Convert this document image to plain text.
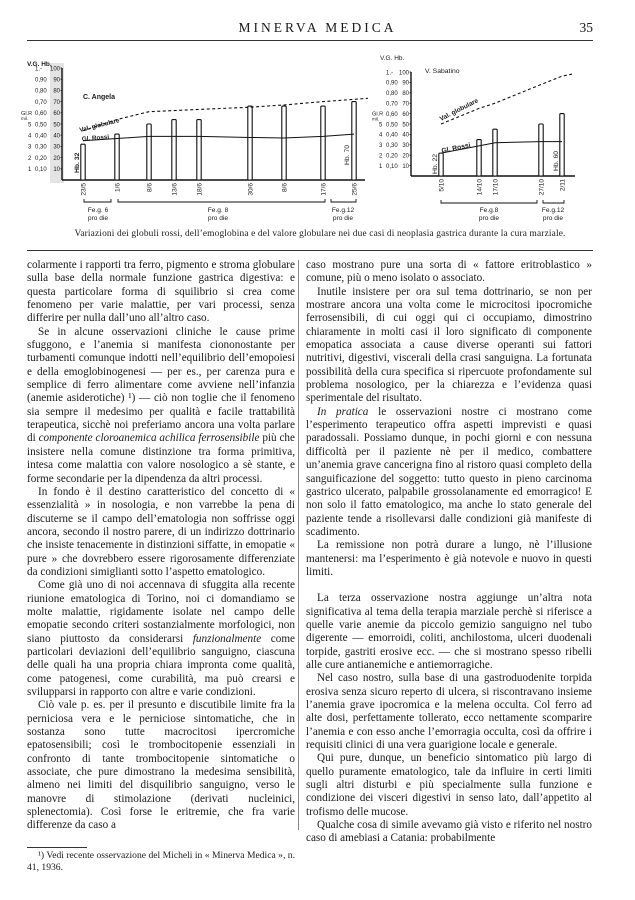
MINERVA MEDICA	35
V.G. Hb.
1.- 100
0,90 90
0,80 80
0,70 70
0,60 60
5 0,50 50
4 0,40 40
3 0,30 30
2 0,20 20
1 0,10 10
Gl.R
mil.
C. Angela
Val. globulare
Gl. Rossi
Hb. 32	Hb. 70
23/5	1/6	8/6	13/6	18/6	30/6	8/6	17/6	25/6
Fe.g. 6
pro die
Fe.g. 8
pro die
Fe.g.12
pro die
V.G. Hb.
1.- 100
0,90 90
0,80 80
0,70 70
0,60 60
5 0,50 50
4 0,40 40
3 0,30 30
2 0,20 20
1 0,10 10
Gl.R
mil.
V. Sabatino
Val. globulare
Gl. Rossi
Hb. 22	Hb. 60
5/10	14/10 17/10	27/10 2/11
Fe.g.8
pro die
Fe.g.12
pro die
Variazioni dei globuli rossi, dell’emoglobina e del valore globulare nei due casi di neoplasia gastrica durante la cura marziale.

colarmente i rapporti tra ferro, pigmento e stroma globulare sulla base della normale funzione gastrica digestiva: e questa particolare forma di squilibrio si crea come fenomeno per varie malattie, per vari processi, senza differire per nulla dall’uno all’altro caso.

Se in alcune osservazioni cliniche le cause prime sfuggono, e l’anemia si manifesta ciononostante per turbamenti comunque indotti nell’equilibrio dell’emopoiesi e della emoglobinogenesi — per es., per carenza pura e semplice di ferro alimentare come avviene nell’infanzia (anemie asiderotiche) ¹) — ciò non toglie che il fenomeno sia sempre il medesimo per qualità e facile trattabilità terapeutica, sicchè noi preferiamo ancora una volta parlare di componente cloroanemica achilica ferrosensibile più che insistere nella comune distinzione tra forma primitiva, intesa come malattia con valore nosologico a sè stante, e forme secondarie per la dipendenza da altri processi.

In fondo è il destino caratteristico del concetto di « essenzialità » in nosologia, e non varrebbe la pena di discuterne se il campo dell’ematologia non soffrisse oggi ancora, secondo il nostro parere, di un indirizzo dottrinario che insiste tenacemente in distinzioni siffatte, in emopatie « pure » che dovrebbero essere rigorosamente differenziate da condizioni simiglianti sotto l’aspetto ematologico.

Come già uno di noi accennava di sfuggita alla recente riunione ematologica di Torino, noi ci domandiamo se molte malattie, rigidamente isolate nel campo delle emopatie secondo criteri sostanzialmente morfologici, non siano piuttosto da considerarsi funzionalmente come particolari deviazioni dell’equilibrio sanguigno, ciascuna delle quali ha una propria chiara impronta come qualità, come patogenesi, come curabilità, ma può crearsi e svilupparsi in rapporto con altre e varie condizioni.

Ciò vale p. es. per il presunto e discutibile limite fra la perniciosa vera e le perniciose sintomatiche, che in sostanza sono tutte macrocitosi ipercromiche epatosensibili; così le trombocitopenie essenziali in confronto di tante trombocitopenie sintomatiche o associate, che pure dimostrano la medesima sensibilità, almeno nei limiti del disquilibrio sanguigno, verso le manovre di stimolazione (derivati nucleinici, splenectomia). Così forse le eritremie, che fra varie differenze da caso a

caso mostrano pure una sorta di « fattore eritroblastico » comune, più o meno isolato o associato.

Inutile insistere per ora sul tema dottrinario, se non per mostrare ancora una volta come le microcitosi ipocromiche ferrosensibili, di cui oggi qui ci occupiamo, dimostrino chiaramente in molti casi il loro significato di componente emopatica associata a cause diverse operanti sui fattori nutritivi, digestivi, viscerali della crasi sanguigna. La fortunata possibilità della cura specifica si ripercuote profondamente sul problema nosologico, per la chiarezza e l’evidenza quasi sperimentale del risultato.

In pratica le osservazioni nostre ci mostrano come l’esperimento terapeutico offra aspetti imprevisti e quasi paradossali. Possiamo dunque, in pochi giorni e con nessuna difficoltà per il paziente nè per il medico, combattere un’anemia grave cancerigna fino al ristoro quasi completo della sanguificazione del soggetto: tutto questo in pieno carcinoma gastrico ulcerato, palpabile grossolanamente ed emorragico! E non solo il fatto ematologico, ma anche lo stato generale del paziente tende a risollevarsi dalle condizioni già manifeste di scadimento.

La remissione non potrà durare a lungo, nè l’illusione mantenersi: ma l’esperimento è già notevole e nuovo in questi limiti.

La terza osservazione nostra aggiunge un’altra nota significativa al tema della terapia marziale perchè si riferisce a quelle varie anemie da piccolo gemizio sanguigno nel tubo digerente — emorroidi, coliti, anchilostoma, ulceri duodenali torpide, gastriti erosive ecc. — che si mostrano spesso ribelli alle cure antianemiche e antiemorragiche.

Nel caso nostro, sulla base di una gastroduodenite torpida erosiva senza sicuro reperto di ulcera, si riscontravano insieme l’anemia grave ipocromica e la melena occulta. Col ferro ad alte dosi, perfettamente tollerato, ecco nettamente scomparire l’anemia e con esso anche l’emorragia occulta, così da offrire i requisiti clinici di una vera guarigione locale e generale.

Qui pure, dunque, un beneficio sintomatico più largo di quello puramente ematologico, tale da influire in certi limiti sugli altri disturbi e più specialmente sulla funzione e condizione dei visceri digestivi in senso lato, dall’appetito al trofismo delle mucose.

Qualche cosa di simile avevamo già visto e riferito nel nostro caso di amebiasi a Catania: probabilmente

¹) Vedi recente osservazione del Micheli in « Minerva Medica », n. 41, 1936.
